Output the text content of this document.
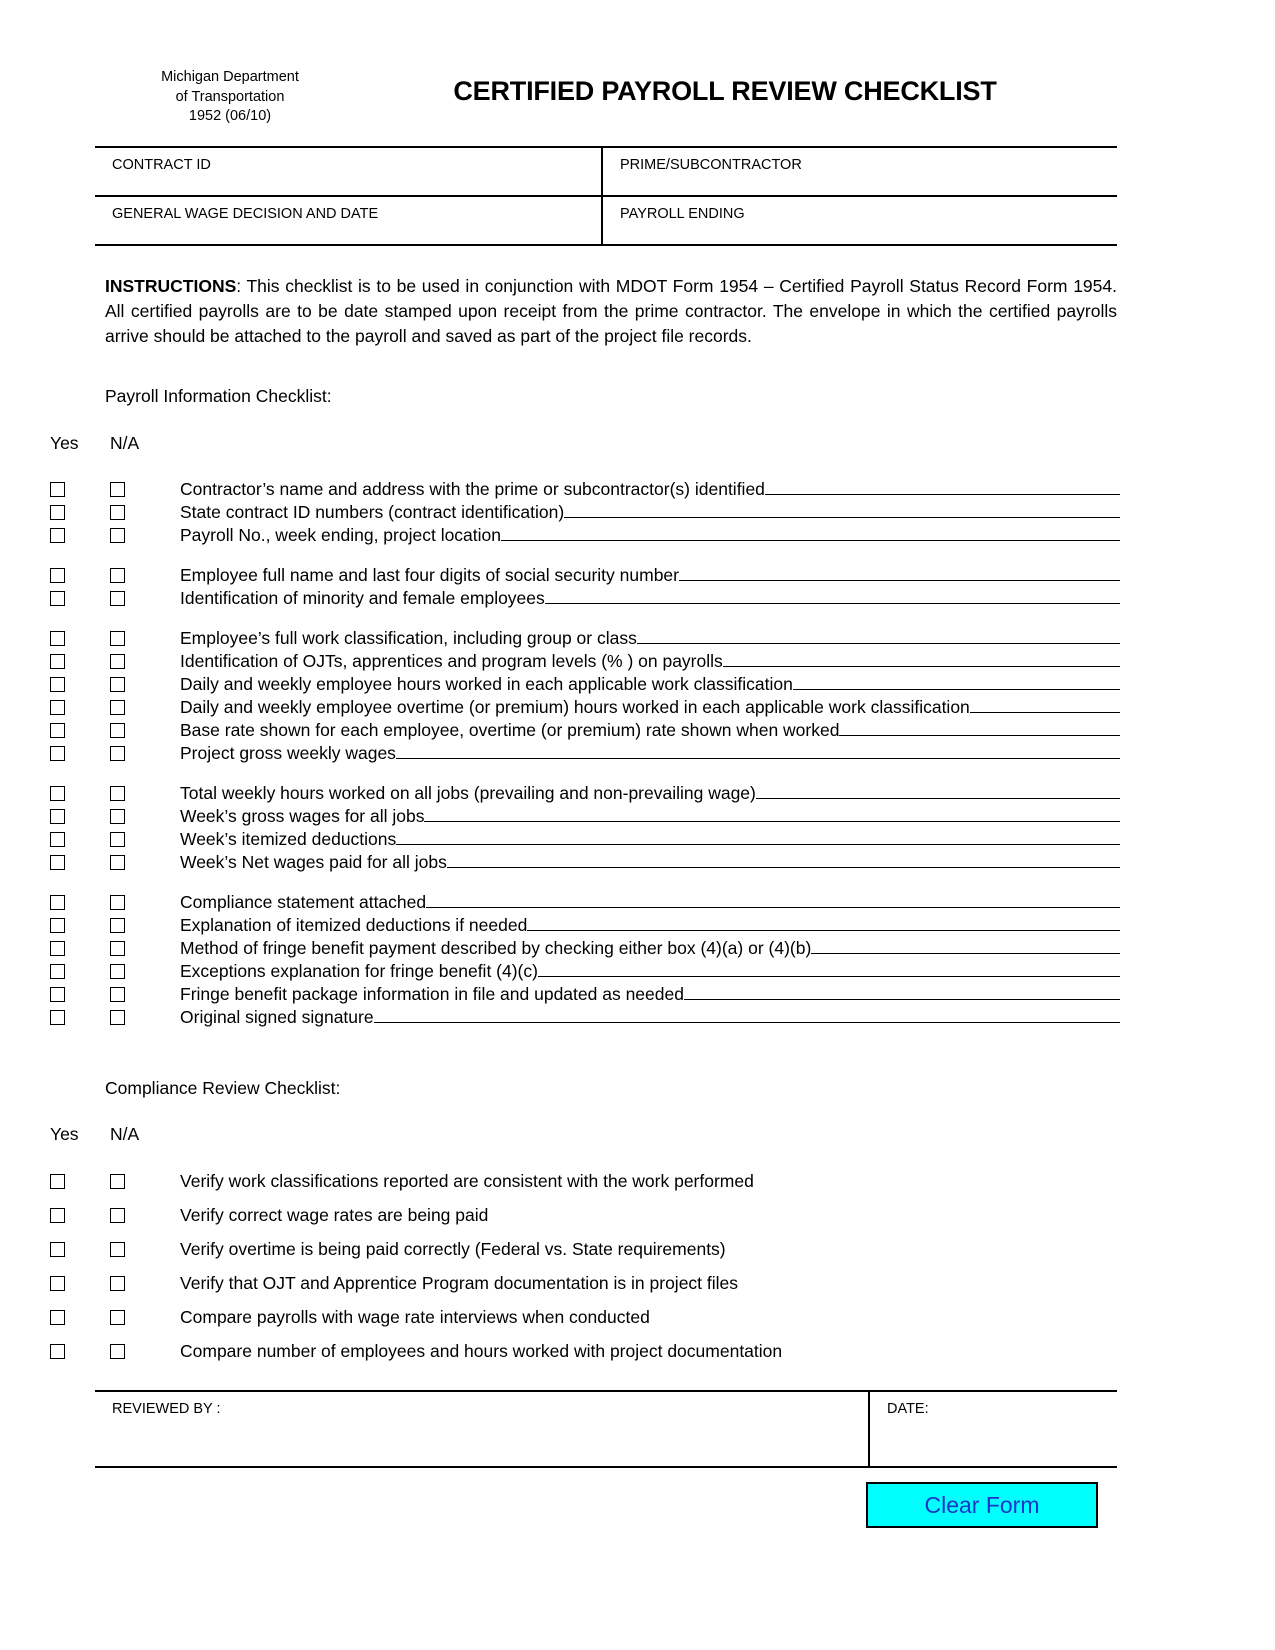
Michigan Department
of Transportation
1952 (06/10)
CERTIFIED PAYROLL REVIEW CHECKLIST
CONTRACT ID	PRIME/SUBCONTRACTOR
GENERAL WAGE DECISION AND DATE	PAYROLL ENDING
INSTRUCTIONS: This checklist is to be used in conjunction with MDOT Form 1954 – Certified Payroll Status Record Form 1954. All certified payrolls are to be date stamped upon receipt from the prime contractor. The envelope in which the certified payrolls arrive should be attached to the payroll and saved as part of the project file records.
Payroll Information Checklist:
Yes N/A
Contractor’s name and address with the prime or subcontractor(s) identified
State contract ID numbers (contract identification)
Payroll No., week ending, project location
Employee full name and last four digits of social security number
Identification of minority and female employees
Employee’s full work classification, including group or class
Identification of OJTs, apprentices and program levels (% ) on payrolls
Daily and weekly employee hours worked in each applicable work classification
Daily and weekly employee overtime (or premium) hours worked in each applicable work classification
Base rate shown for each employee, overtime (or premium) rate shown when worked
Project gross weekly wages
Total weekly hours worked on all jobs (prevailing and non-prevailing wage)
Week’s gross wages for all jobs
Week’s itemized deductions
Week’s Net wages paid for all jobs
Compliance statement attached
Explanation of itemized deductions if needed
Method of fringe benefit payment described by checking either box (4)(a) or (4)(b)
Exceptions explanation for fringe benefit (4)(c)
Fringe benefit package information in file and updated as needed
Original signed signature
Compliance Review Checklist:
Yes N/A
Verify work classifications reported are consistent with the work performed
Verify correct wage rates are being paid
Verify overtime is being paid correctly (Federal vs. State requirements)
Verify that OJT and Apprentice Program documentation is in project files
Compare payrolls with wage rate interviews when conducted
Compare number of employees and hours worked with project documentation
REVIEWED BY :	DATE:
Clear Form
